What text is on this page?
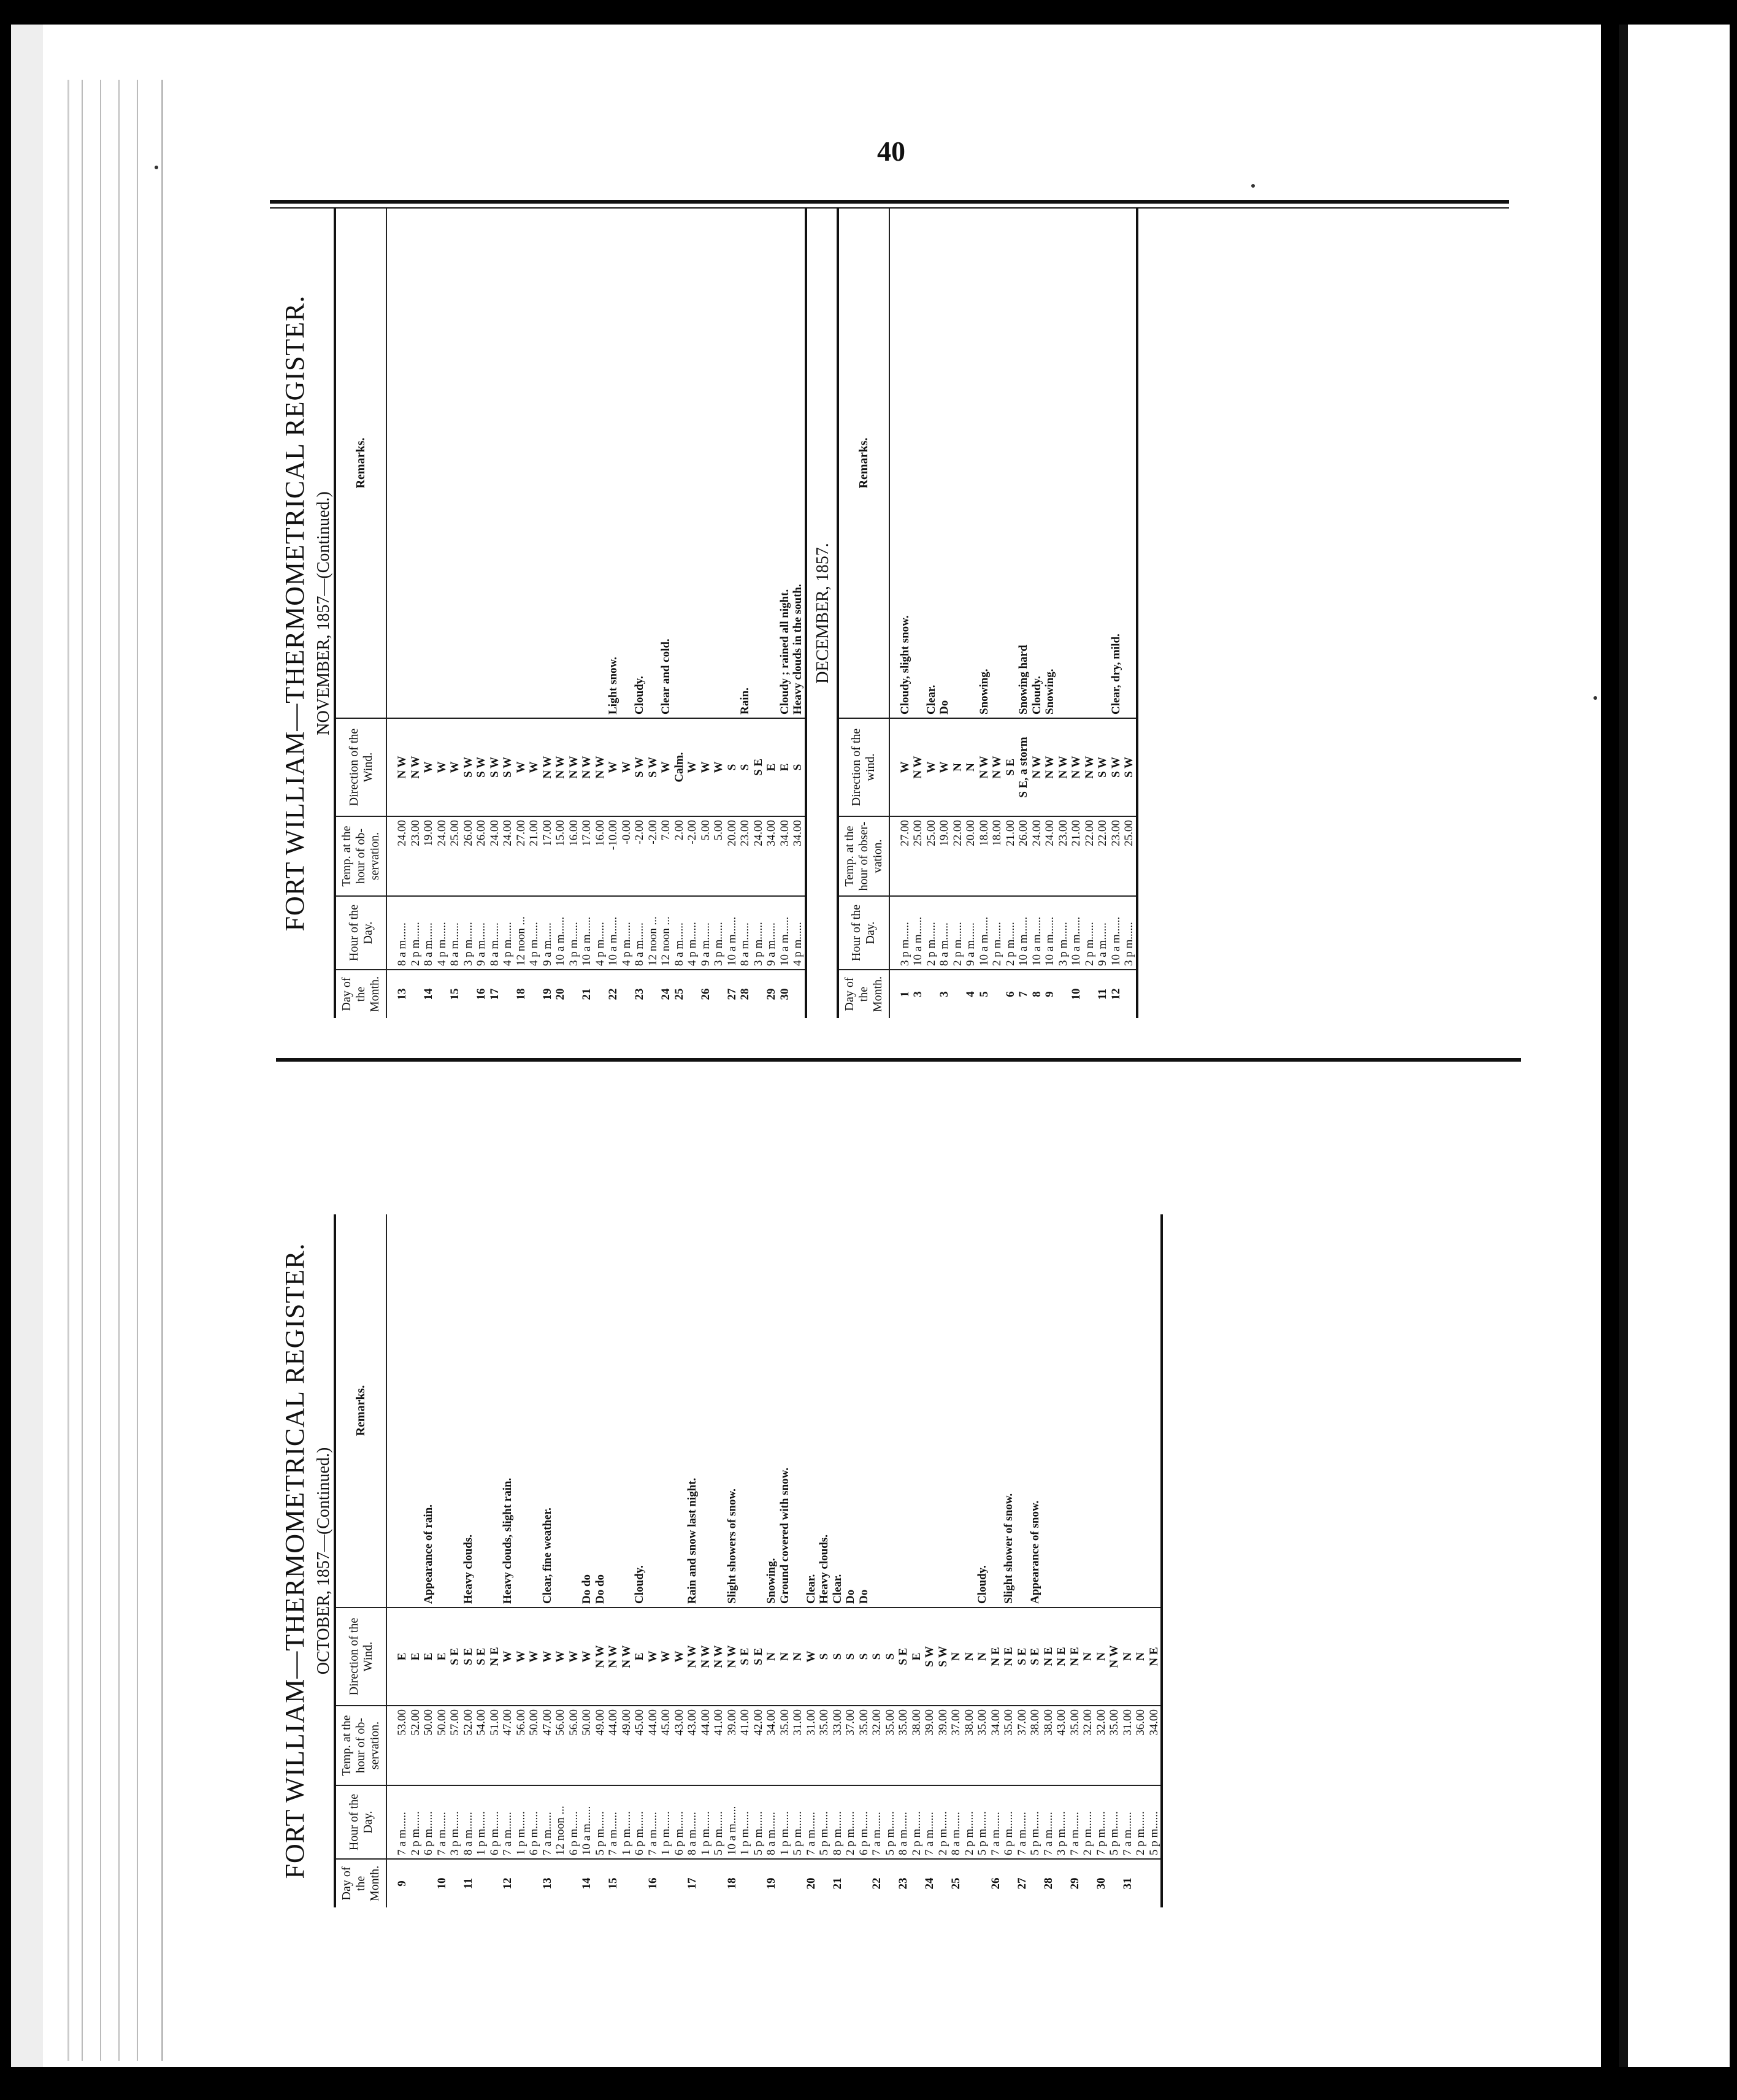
40
FORT WILLIAM—THERMOMETRICAL REGISTER. OCTOBER, 1857—(Continued.)
Day of the Month.	Hour of the Day.	Temp. at the hour of ob-servation.	Direction of the Wind.	Remarks.
9	7 a m......	53.00	E	
	2 p m......	52.00	E	
	6 p m......	50.00	E	Appearance of rain.
10	7 a m......	50.00	E	
	3 p m......	57.00	S E	
11	8 a m......	52.00	S E	Heavy clouds.
	1 p m......	54.00	S E	
	6 p m......	51.00	N E	
12	7 a m......	47.00	W	Heavy clouds, slight rain.
	1 p m......	56.00	W	
	6 p m......	50.00	W	
13	7 a m......	47.00	W	Clear, fine weather.
	12 noon ...	56.00	W	
	6 p m......	56.00	W	
14	10 a m......	50.00	W	Do do
	5 p m......	49.00	N W	Do do
15	7 a m......	44.00	N W	
	1 p m......	49.00	N W	
	6 p m......	45.00	E	Cloudy.
16	7 a m......	44.00	W	
	1 p m......	45.00	W	
	6 p m......	43.00	W	
17	8 a m......	43.00	N W	Rain and snow last night.
	1 p m......	44.00	N W	
	5 p m......	41.00	N W	
18	10 a m......	39.00	N W	Slight showers of snow.
	1 p m......	41.00	S E	
	5 p m......	42.00	S E	
19	8 a m......	34.00	N	Snowing.
	1 p m......	35.00	N	Ground covered with snow.
	5 p m......	31.00	N	
20	7 a m......	31.00	W	Clear.
	5 p m......	35.00	S	Heavy clouds.
21	8 p m......	33.00	S	Clear.
	2 p m......	37.00	S	Do
	6 p m......	35.00	S	Do
22	7 a m......	32.00	S	
	5 p m......	35.00	S	
23	8 a m......	35.00	S E	
	2 p m......	38.00	E	
24	7 a m......	39.00	S W	
	2 p m......	39.00	S W	
25	8 a m......	37.00	N	
	2 p m......	38.00	N	
	5 p m......	35.00	N	Cloudy.
26	7 a m......	34.00	N E	
	6 p m......	35.00	N E	Slight shower of snow.
27	7 a m......	37.00	S E	
	5 p m......	38.00	S E	Appearance of snow.
28	7 a m......	38.00	N E	
	3 p m......	43.00	N E	
29	7 a m......	35.00	N E	
	2 p m......	32.00	N	
30	7 p m......	32.00	N	
	5 p m......	35.00	N W	
31	7 a m......	31.00	N	
	2 p m......	36.00	N	
	5 p m......	34.00	N E	
FORT WILLIAM—THERMOMETRICAL REGISTER. NOVEMBER, 1857—(Continued.)
Day of the Month.	Hour of the Day.	Temp. at the hour of ob-servation.	Direction of the Wind.	Remarks.
13	8 a m......	24.00	N W	
	2 p m......	23.00	N W	
14	8 a m......	19.00	W	
	4 p m......	24.00	W	
15	8 a m......	25.00	W	
	3 p m......	26.00	S W	
16	9 a m......	26.00	S W	
17	8 a m......	24.00	S W	
	4 p m......	24.00	S W	
18	12 noon ...	27.00	W	
	4 p m......	21.00	W	
19	9 a m......	17.00	N W	
20	10 a m......	15.00	N W	
	3 p m......	16.00	N W	
21	10 a m......	17.00	N W	
	4 p m......	16.00	N W	
22	10 a m......	-10.00	W	Light snow.
	4 p m......	-0.00	W	
23	8 a m......	-2.00	S W	Cloudy.
	12 noon ...	-2.00	S W	
24	12 noon ...	7.00	W	Clear and cold.
25	8 a m......	2.00	Calm.	
	4 p m......	-2.00	W	
26	9 a m......	5.00	W	
	3 p m......	5.00	W	
27	10 a m......	20.00	S	
28	8 a m......	23.00	S	Rain.
	3 p m......	24.00	S E	
29	9 a m......	34.00	E	
30	10 a m......	34.00	E	Cloudy ; rained all night.
	4 p m......	34.00	S	Heavy clouds in the south. DECEMBER, 1857.
Day of the Month.	Hour of the Day.	Temp. at the hour of obser-vation.	Direction of the wind.	Remarks.
1	3 p m......	27.00	W	Cloudy, slight snow.
3	10 a m......	25.00	N W	
	2 p m......	25.00	W	Clear.
3	8 a m......	19.00	W	Do
	2 p m......	22.00	N	
4	9 a m......	20.00	N	
5	10 a m......	18.00	N W	Snowing.
	2 p m......	18.00	N W	
6	2 p m......	21.00	S E	
7	10 a m......	26.00	S E, a storm	Snowing hard
8	10 a m......	24.00	N W	Cloudy.
9	10 a m......	24.00	N W	Snowing.
	3 p m......	23.00	N W	
10	10 a m......	21.00	N W	
	2 p m......	22.00	N W	
11	9 a m......	22.00	S W	
12	10 a m......	23.00	S W	Clear, dry, mild.
	3 p m......	25.00	S W	
